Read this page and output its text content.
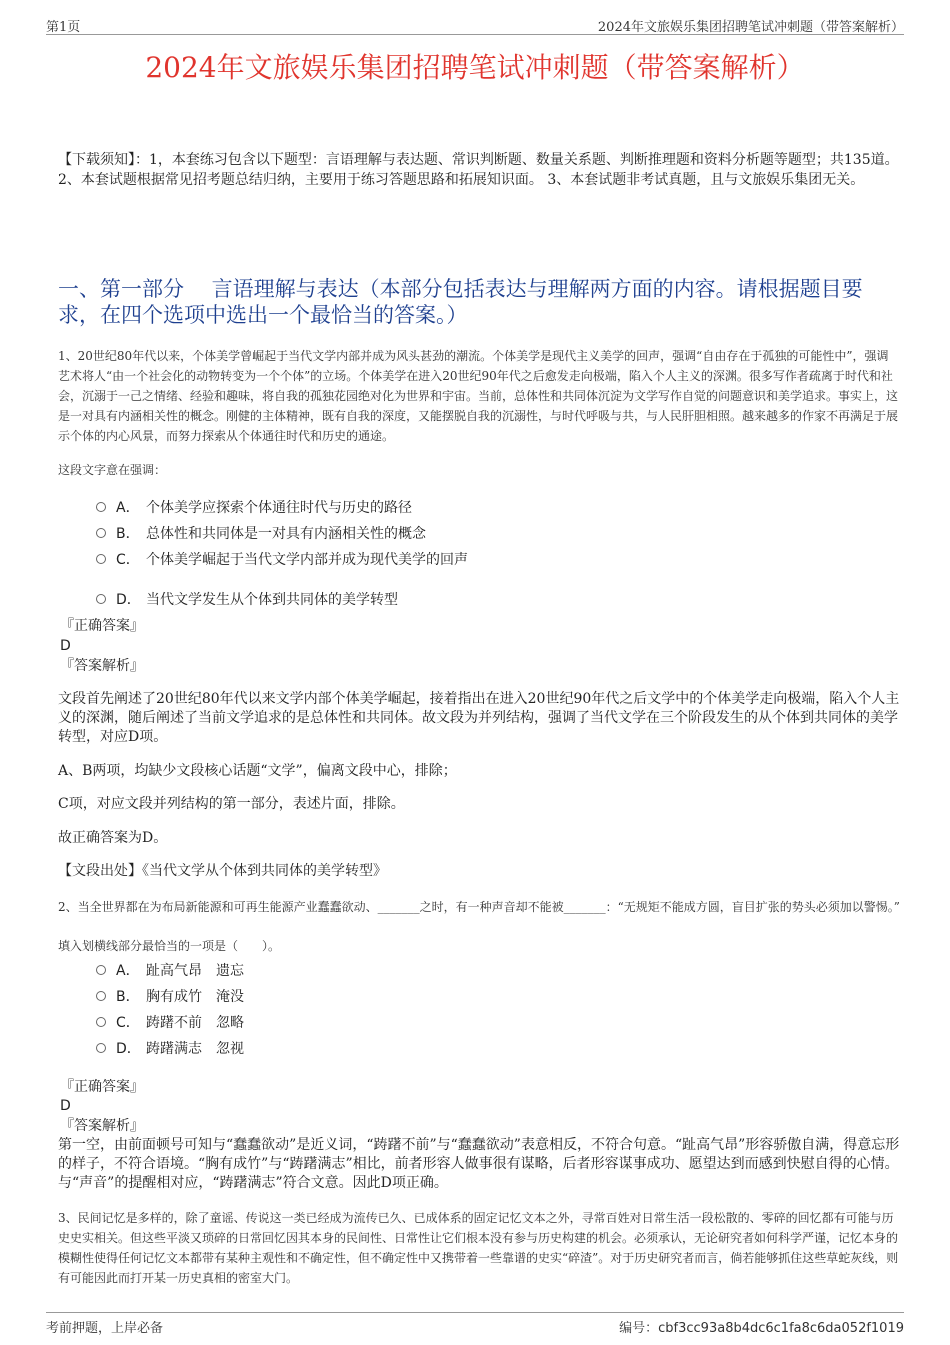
第1页	2024年文旅娱乐集团招聘笔试冲刺题（带答案解析）
2024年文旅娱乐集团招聘笔试冲刺题（带答案解析）
【下载须知】：1，本套练习包含以下题型：言语理解与表达题、常识判断题、数量关系题、判断推理题和资料分析题等题型；共135道。 2、本套试题根据常见招考题总结归纳，主要用于练习答题思路和拓展知识面。 3、本套试题非考试真题，且与文旅娱乐集团无关。
一、第一部分　 言语理解与表达（本部分包括表达与理解两方面的内容。请根据题目要求，在四个选项中选出一个最恰当的答案。）
1、20世纪80年代以来，个体美学曾崛起于当代文学内部并成为风头甚劲的潮流。个体美学是现代主义美学的回声，强调“自由存在于孤独的可能性中”，强调艺术将人“由一个社会化的动物转变为一个个体”的立场。个体美学在进入20世纪90年代之后愈发走向极端，陷入个人主义的深渊。很多写作者疏离于时代和社会，沉溺于一己之情绪、经验和趣味，将自我的孤独花园绝对化为世界和宇宙。当前，总体性和共同体沉淀为文学写作自觉的问题意识和美学追求。事实上，这是一对具有内涵相关性的概念。刚健的主体精神，既有自我的深度，又能摆脱自我的沉溺性，与时代呼吸与共，与人民肝胆相照。越来越多的作家不再满足于展示个体的内心风景，而努力探索从个体通往时代和历史的通途。
这段文字意在强调：
A． 个体美学应探索个体通往时代与历史的路径
B． 总体性和共同体是一对具有内涵相关性的概念
C． 个体美学崛起于当代文学内部并成为现代美学的回声
D． 当代文学发生从个体到共同体的美学转型
『正确答案』
D
『答案解析』
文段首先阐述了20世纪80年代以来文学内部个体美学崛起，接着指出在进入20世纪90年代之后文学中的个体美学走向极端，陷入个人主义的深渊，随后阐述了当前文学追求的是总体性和共同体。故文段为并列结构，强调了当代文学在三个阶段发生的从个体到共同体的美学转型，对应D项。
A、B两项，均缺少文段核心话题“文学”，偏离文段中心，排除；
C项，对应文段并列结构的第一部分，表述片面，排除。
故正确答案为D。
【文段出处】《当代文学从个体到共同体的美学转型》
2、当全世界都在为布局新能源和可再生能源产业蠢蠢欲动、_______之时，有一种声音却不能被_______：“无规矩不能成方圆，盲目扩张的势头必须加以警惕。”
填入划横线部分最恰当的一项是（　　）。
A． 趾高气昂　遗忘
B． 胸有成竹　淹没
C． 踌躇不前　忽略
D． 踌躇满志　忽视
『正确答案』
D
『答案解析』
第一空，由前面顿号可知与“蠢蠢欲动”是近义词，“踌躇不前”与“蠢蠢欲动”表意相反，不符合句意。“趾高气昂”形容骄傲自满，得意忘形的样子，不符合语境。“胸有成竹”与“踌躇满志”相比，前者形容人做事很有谋略，后者形容谋事成功、愿望达到而感到快慰自得的心情。与“声音”的提醒相对应，“踌躇满志”符合文意。因此D项正确。
3、民间记忆是多样的，除了童谣、传说这一类已经成为流传已久、已成体系的固定记忆文本之外，寻常百姓对日常生活一段松散的、零碎的回忆都有可能与历史史实相关。但这些平淡又琐碎的日常回忆因其本身的民间性、日常性让它们根本没有参与历史构建的机会。必须承认，无论研究者如何科学严谨，记忆本身的模糊性使得任何记忆文本都带有某种主观性和不确定性，但不确定性中又携带着一些靠谱的史实“碎渣”。对于历史研究者而言，倘若能够抓住这些草蛇灰线，则有可能因此而打开某一历史真相的密室大门。
考前押题，上岸必备	编号：cbf3cc93a8b4dc6c1fa8c6da052f1019
